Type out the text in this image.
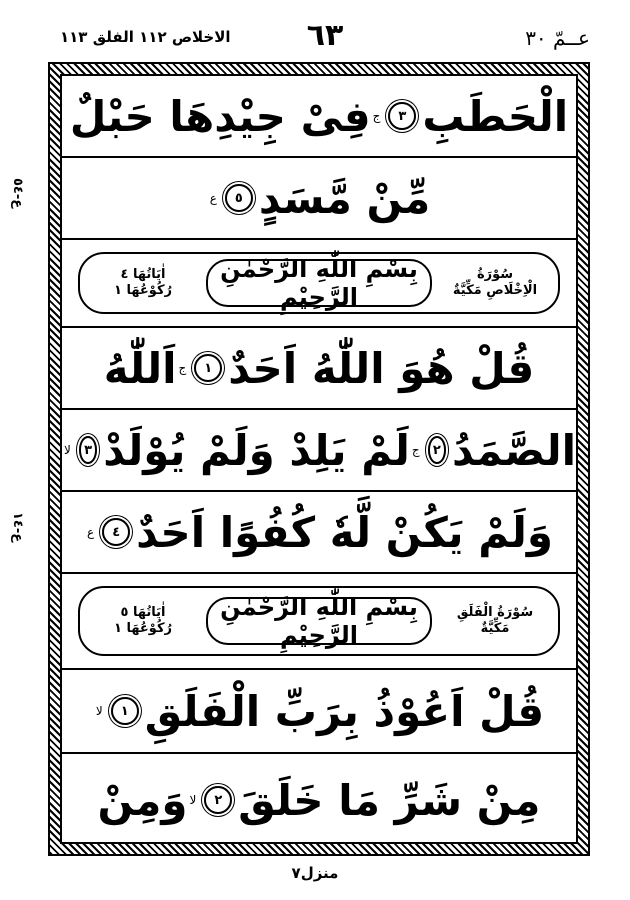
عــمّ ٣٠
٦٣
الاخلاص ١١٢ الفلق ١١٣
ع-٥٤
ع-١٤
الْحَطَبِ
٣
ج
فِیْ جِیْدِهَا حَبْلٌ
مِّنْ مَّسَدٍ
٥
ع
سُوْرَةُ الْاِخْلَاصِ مَكِّيَّةٌ
بِسْمِ اللّٰهِ الرَّحْمٰنِ الرَّحِیْمِ
اٰيَاتُهَا ٤ رُكُوْعُهَا ١
قُلْ هُوَ اللّٰهُ اَحَدٌ
١
ج
اَللّٰهُ
الصَّمَدُ
٢
ج
لَمْ يَلِدْ وَلَمْ يُوْلَدْ
٣
لا
وَلَمْ يَكُنْ لَّهٗ كُفُوًا اَحَدٌ
٤
ع
سُوْرَةُ الْفَلَقِ مَكِّيَّةٌ
بِسْمِ اللّٰهِ الرَّحْمٰنِ الرَّحِیْمِ
اٰيَاتُهَا ٥ رُكُوْعُهَا ١
قُلْ اَعُوْذُ بِرَبِّ الْفَلَقِ
١
لا
مِنْ شَرِّ مَا خَلَقَ
٢
لا
وَمِنْ
منزل٧
